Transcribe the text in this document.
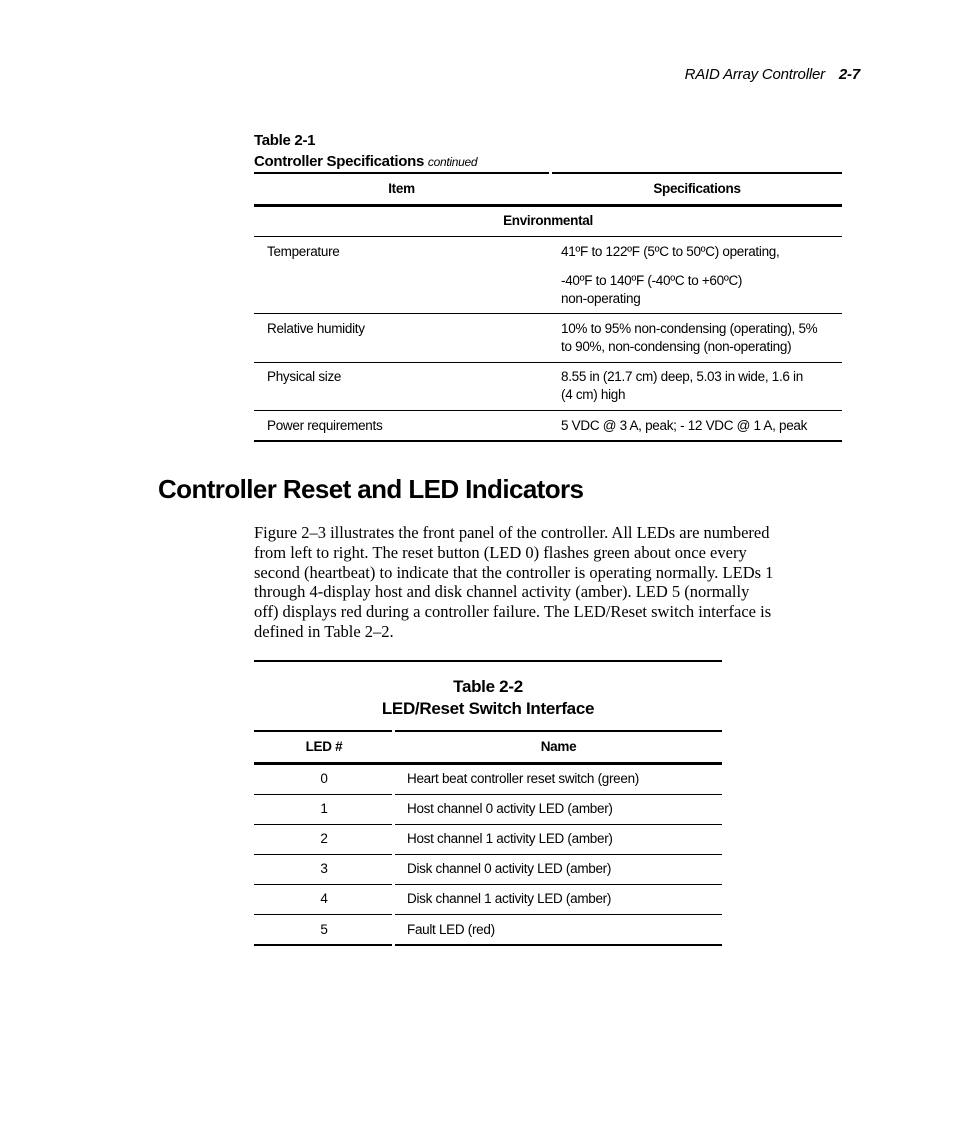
RAID Array Controller 2-7
Table 2-1
Controller Specifications continued
Item	Specifications
Environmental
Temperature	41ºF to 122ºF (5ºC to 50ºC) operating,
-40ºF to 140ºF (-40ºC to +60ºC)
non-operating
Relative humidity	10% to 95% non-condensing (operating), 5%
to 90%, non-condensing (non-operating)
Physical size	8.55 in (21.7 cm) deep, 5.03 in wide, 1.6 in
(4 cm) high
Power requirements	5 VDC @ 3 A, peak; - 12 VDC @ 1 A, peak
Controller Reset and LED Indicators
Figure 2–3 illustrates the front panel of the controller. All LEDs are numbered
from left to right. The reset button (LED 0) flashes green about once every
second (heartbeat) to indicate that the controller is operating normally. LEDs 1
through 4-display host and disk channel activity (amber). LED 5 (normally
off) displays red during a controller failure. The LED/Reset switch interface is
defined in Table 2–2.
Table 2-2
LED/Reset Switch Interface
LED #	Name
0	Heart beat controller reset switch (green)
1	Host channel 0 activity LED (amber)
2	Host channel 1 activity LED (amber)
3	Disk channel 0 activity LED (amber)
4	Disk channel 1 activity LED (amber)
5	Fault LED (red)
